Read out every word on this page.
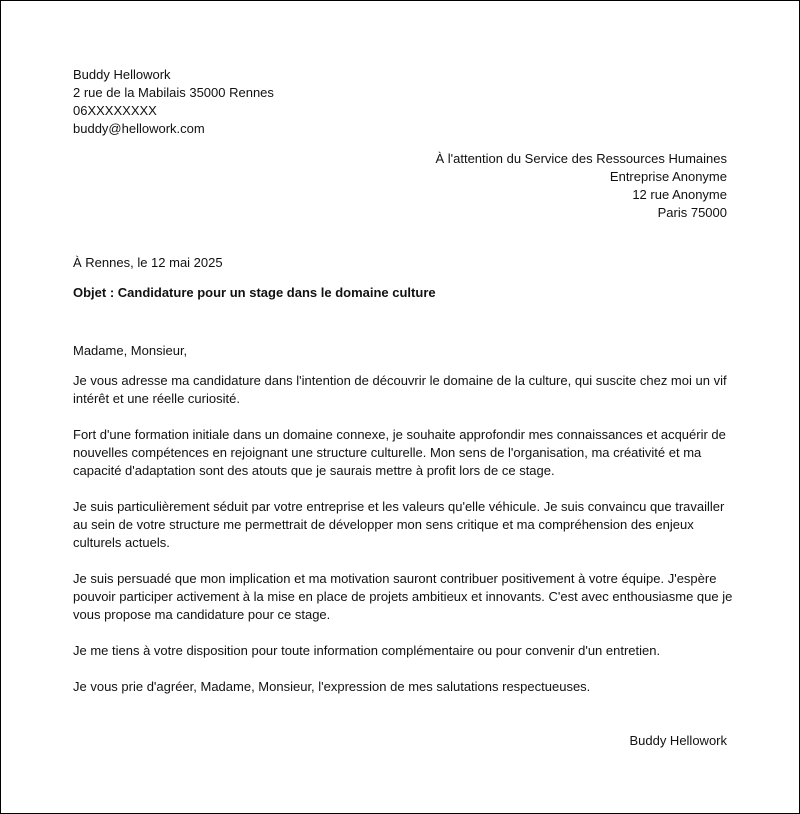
Buddy Hellowork
2 rue de la Mabilais 35000 Rennes
06XXXXXXXX
buddy@hellowork.com
À l'attention du Service des Ressources Humaines
Entreprise Anonyme
12 rue Anonyme
Paris 75000
À Rennes, le 12 mai 2025
Objet : Candidature pour un stage dans le domaine culture
Madame, Monsieur,

Je vous adresse ma candidature dans l'intention de découvrir le domaine de la culture, qui suscite chez moi un vif intérêt et une réelle curiosité.

Fort d'une formation initiale dans un domaine connexe, je souhaite approfondir mes connaissances et acquérir de nouvelles compétences en rejoignant une structure culturelle. Mon sens de l'organisation, ma créativité et ma capacité d'adaptation sont des atouts que je saurais mettre à profit lors de ce stage.

Je suis particulièrement séduit par votre entreprise et les valeurs qu'elle véhicule. Je suis convaincu que travailler au sein de votre structure me permettrait de développer mon sens critique et ma compréhension des enjeux culturels actuels.

Je suis persuadé que mon implication et ma motivation sauront contribuer positivement à votre équipe. J'espère pouvoir participer activement à la mise en place de projets ambitieux et innovants. C'est avec enthousiasme que je vous propose ma candidature pour ce stage.

Je me tiens à votre disposition pour toute information complémentaire ou pour convenir d'un entretien.

Je vous prie d'agréer, Madame, Monsieur, l'expression de mes salutations respectueuses.

Buddy Hellowork
